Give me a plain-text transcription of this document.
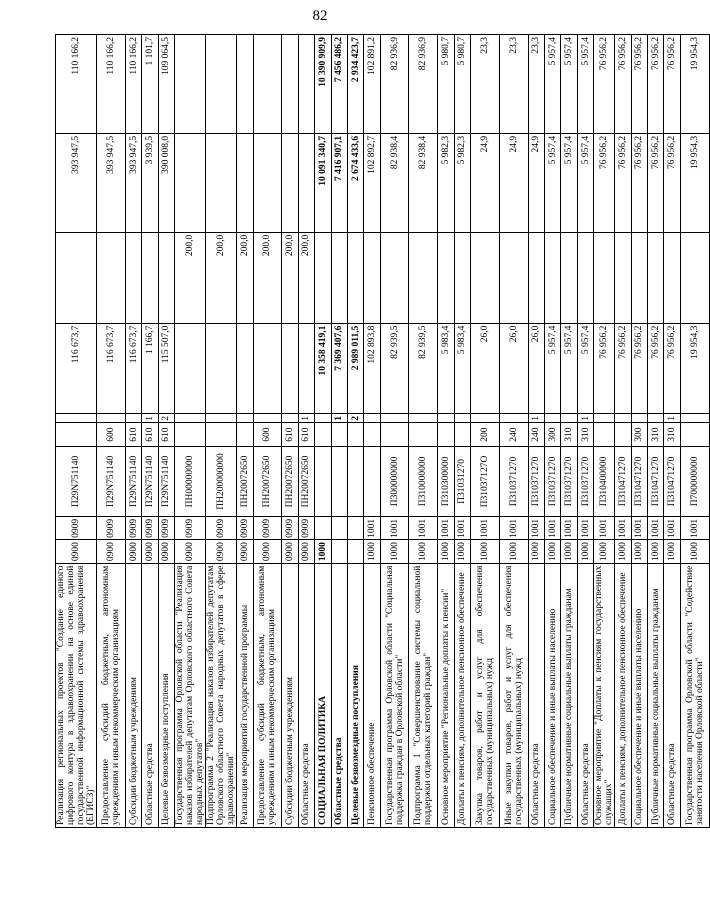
82
Реализация региональных проектов "Создание единого цифрового контура в здравоохранении на основе единой государственной информационной системы здравоохранения (ЕГИСЗ)"	0900	0909	П29N751140			116 673,7		393 947,5	110 166,2
Предоставление субсидий бюджетным, автономным учреждениям и иным некоммерческим организациям	0900	0909	П29N751140	600		116 673,7		393 947,5	110 166,2
Субсидии бюджетным учреждениям	0900	0909	П29N751140	610		116 673,7		393 947,5	110 166,2
Областные средства	0900	0909	П29N751140	610	1	1 166,7		3 939,5	1 101,7
Целевые безвозмездные поступления	0900	0909	П29N751140	610	2	115 507,0		390 008,0	109 064,5
Государственная программа Орловской области "Реализация наказов избирателей депутатам Орловского областного Совета народных депутатов"	0900	0909	ПН00000000				200,0		
Подпрограмма 2 "Реализация наказов избирателей депутатам Орловского областного Совета народных депутатов в сфере здравоохранения"	0900	0909	ПН200000000				200,0		
Реализация мероприятий государственной программы	0900	0909	ПН20072650				200,0		
Предоставление субсидий бюджетным, автономным учреждениям и иным некоммерческим организациям	0900	0909	ПН20072650	600			200,0		
Субсидии бюджетным учреждениям	0900	0909	ПН20072650	610			200,0		
Областные средства	0900	0909	ПН20072650	610	1		200,0		
СОЦИАЛЬНАЯ ПОЛИТИКА	1000					10 358 419,1		10 091 340,7	10 390 909,9
Областные средства					1	7 369 407,6		7 416 907,1	7 456 486,2
Целевые безвозмездные поступления					2	2 989 011,5		2 674 433,6	2 934 423,7
Пенсионное обеспечение	1000	1001				102 893,8		102 892,7	102 891,2
Государственная программа Орловской области "Социальная поддержка граждан в Орловской области"	1000	1001	П300000000			82 939,5		82 938,4	82 936,9
Подпрограмма 1 "Совершенствование системы социальной поддержки отдельных категорий граждан"	1000	1001	П310000000			82 939,5		82 938,4	82 936,9
Основное мероприятие "Региональные доплаты к пенсии"	1000	1001	П310300000			5 983,4		5 982,3	5 980,7
Доплаты к пенсиям, дополнительное пенсионное обеспечение	1000	1001	П31031270			5 983,4		5 982,3	5 980,7
Закупка товаров, работ и услуг для обеспечения государственных (муниципальных) нужд	1000	1001	П31037127О	200		26,0		24,9	23,3
Иные закупки товаров, работ и услуг для обеспечения государственных (муниципальных) нужд	1000	1001	П310371270	240		26,0		24,9	23,3
Областные средства	1000	1001	П310371270	240	1	26,0		24,9	23,3
Социальное обеспечение и иные выплаты населению	1000	1001	П310371270	300		5 957,4		5 957,4	5 957,4
Публичные нормативные социальные выплаты гражданам	1000	1001	П310371270	310		5 957,4		5 957,4	5 957,4
Областные средства	1000	1001	П310371270	310	1	5 957,4		5 957,4	5 957,4
Основное мероприятие "Доплаты к пенсиям государственных служащих"	1000	1001	П310400000			76 956,2		76 956,2	76 956,2
Доплаты к пенсиям, дополнительное пенсионное обеспечение	1000	1001	П310471270			76 956,2		76 956,2	76 956,2
Социальное обеспечение и иные выплаты населению	1000	1001	П310471270	300		76 956,2		76 956,2	76 956,2
Публичные нормативные социальные выплаты гражданам	1000	1001	П310471270	310		76 956,2		76 956,2	76 956,2
Областные средства	1000	1001	П310471270	310	1	76 956,2		76 956,2	76 956,2
Государственная программа Орловской области "Содействие занятости населения Орловской области"	1000	1001	П700000000			19 954,3		19 954,3	19 954,3
